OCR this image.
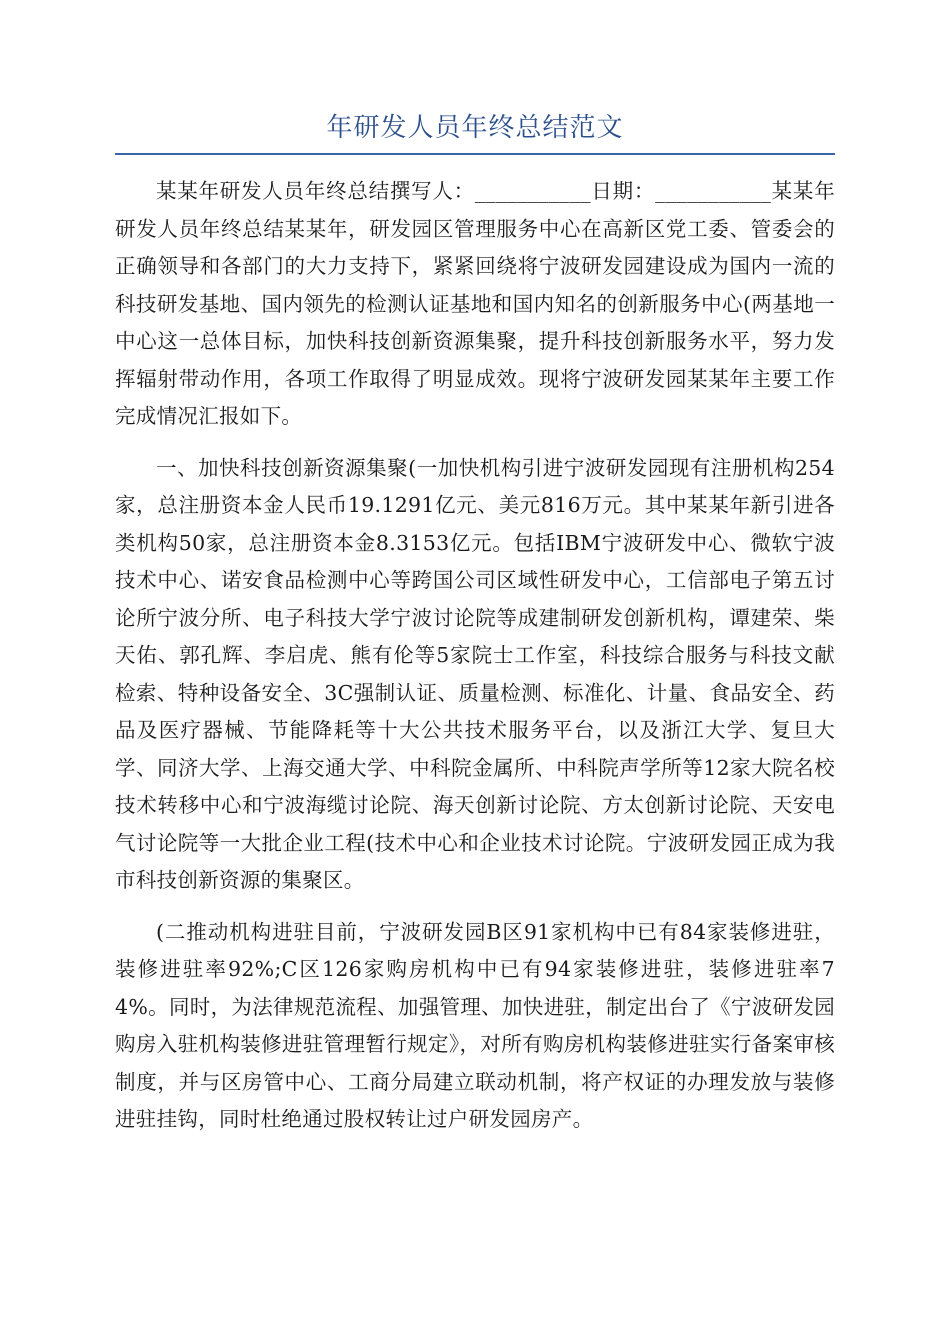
年研发人员年终总结范文

某某年研发人员年终总结撰写人：___________日期：___________某某年研发人员年终总结某某年，研发园区管理服务中心在高新区党工委、管委会的正确领导和各部门的大力支持下，紧紧回绕将宁波研发园建设成为国内一流的科技研发基地、国内领先的检测认证基地和国内知名的创新服务中心(两基地一中心这一总体目标，加快科技创新资源集聚，提升科技创新服务水平，努力发挥辐射带动作用，各项工作取得了明显成效。现将宁波研发园某某年主要工作完成情况汇报如下。

一、加快科技创新资源集聚(一加快机构引进宁波研发园现有注册机构254家，总注册资本金人民币19.1291亿元、美元816万元。其中某某年新引进各类机构50家，总注册资本金8.3153亿元。包括IBM宁波研发中心、微软宁波技术中心、诺安食品检测中心等跨国公司区域性研发中心，工信部电子第五讨论所宁波分所、电子科技大学宁波讨论院等成建制研发创新机构，谭建荣、柴天佑、郭孔辉、李启虎、熊有伦等5家院士工作室，科技综合服务与科技文献检索、特种设备安全、3C强制认证、质量检测、标准化、计量、食品安全、药品及医疗器械、节能降耗等十大公共技术服务平台，以及浙江大学、复旦大学、同济大学、上海交通大学、中科院金属所、中科院声学所等12家大院名校技术转移中心和宁波海缆讨论院、海天创新讨论院、方太创新讨论院、天安电气讨论院等一大批企业工程(技术中心和企业技术讨论院。宁波研发园正成为我市科技创新资源的集聚区。

(二推动机构进驻目前，宁波研发园B区91家机构中已有84家装修进驻，装修进驻率92%;C区126家购房机构中已有94家装修进驻，装修进驻率74%。同时，为法律规范流程、加强管理、加快进驻，制定出台了《宁波研发园购房入驻机构装修进驻管理暂行规定》，对所有购房机构装修进驻实行备案审核制度，并与区房管中心、工商分局建立联动机制，将产权证的办理发放与装修进驻挂钩，同时杜绝通过股权转让过户研发园房产。
